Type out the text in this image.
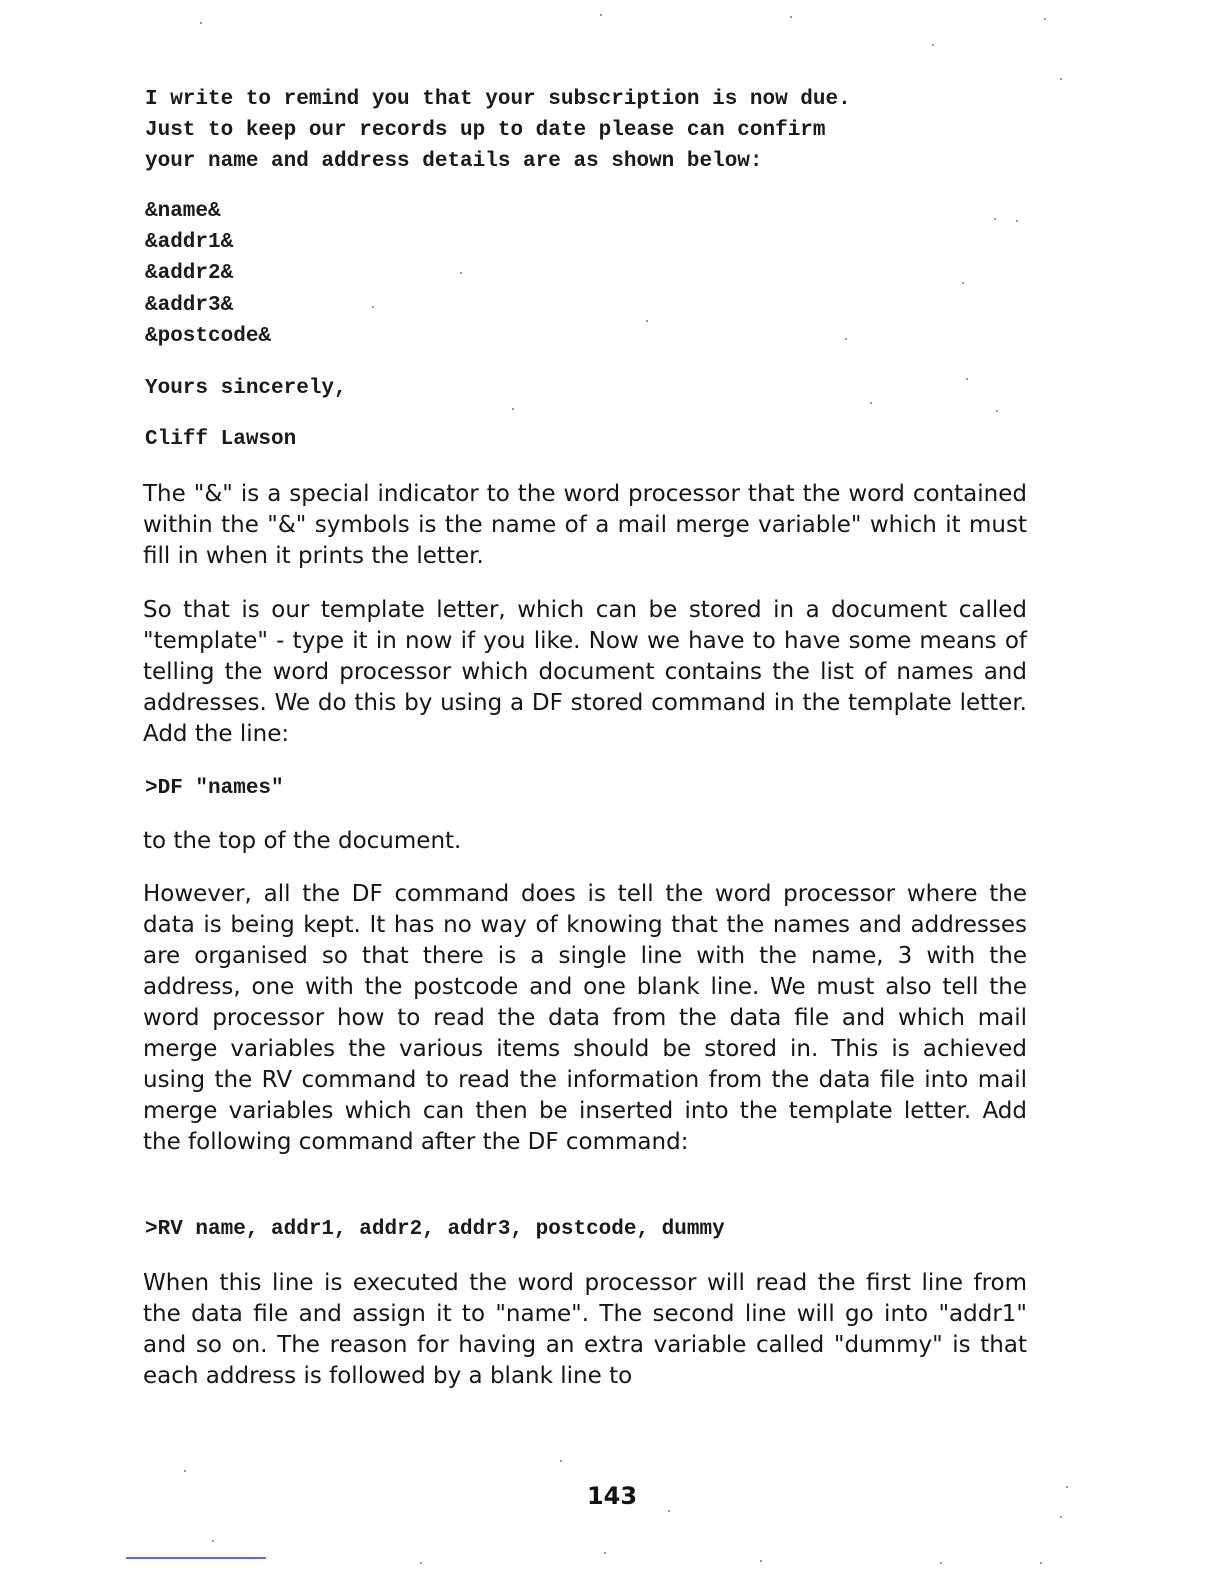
I write to remind you that your subscription is now due.
Just to keep our records up to date please can confirm
your name and address details are as shown below:
&name&
&addr1&
&addr2&
&addr3&
&postcode&
Yours sincerely,
Cliff Lawson

The "&" is a special indicator to the word processor that the word contained within the "&" symbols is the name of a mail merge variable" which it must fill in when it prints the letter.

So that is our template letter, which can be stored in a document called "template" - type it in now if you like. Now we have to have some means of telling the word processor which document contains the list of names and addresses. We do this by using a DF stored command in the template letter. Add the line:

>DF "names"

to the top of the document.

However, all the DF command does is tell the word processor where the data is being kept. It has no way of knowing that the names and addresses are organised so that there is a single line with the name, 3 with the address, one with the postcode and one blank line. We must also tell the word processor how to read the data from the data file and which mail merge variables the various items should be stored in. This is achieved using the RV command to read the information from the data file into mail merge variables which can then be inserted into the template letter. Add the following command after the DF command:

>RV name, addr1, addr2, addr3, postcode, dummy

When this line is executed the word processor will read the first line from the data file and assign it to "name". The second line will go into "addr1" and so on. The reason for having an extra variable called "dummy" is that each address is followed by a blank line to

143
